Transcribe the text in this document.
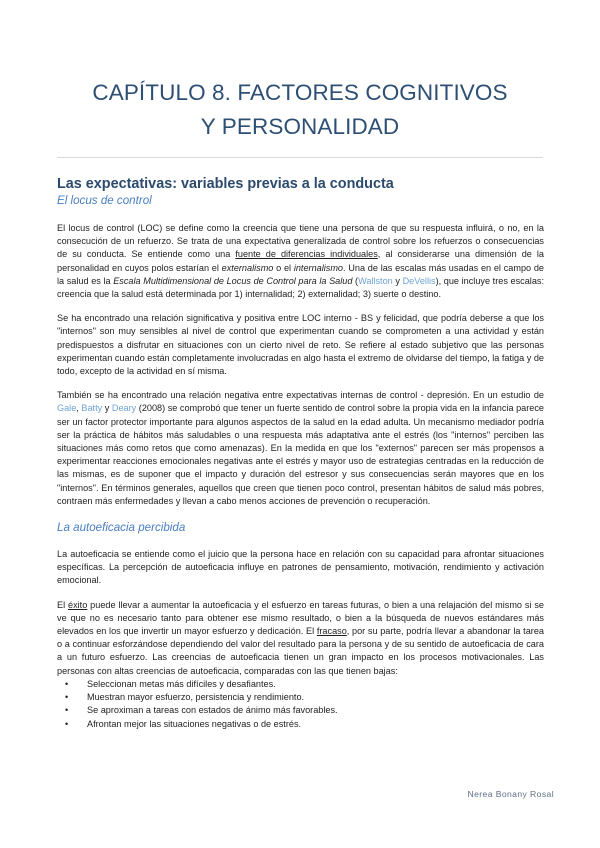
CAPÍTULO 8. FACTORES COGNITIVOS
Y PERSONALIDAD
Las expectativas: variables previas a la conducta
El locus de control

El locus de control (LOC) se define como la creencia que tiene una persona de que su respuesta influirá, o no, en la consecución de un refuerzo. Se trata de una expectativa generalizada de control sobre los refuerzos o consecuencias de su conducta. Se entiende como una fuente de diferencias individuales, al considerarse una dimensión de la personalidad en cuyos polos estarían el externalismo o el internalismo. Una de las escalas más usadas en el campo de la salud es la Escala Multidimensional de Locus de Control para la Salud (Wallston y DeVellis), que incluye tres escalas: creencia que la salud está determinada por 1) internalidad; 2) externalidad; 3) suerte o destino.

Se ha encontrado una relación significativa y positiva entre LOC interno - BS y felicidad, que podría deberse a que los "internos" son muy sensibles al nivel de control que experimentan cuando se comprometen a una actividad y están predispuestos a disfrutar en situaciones con un cierto nivel de reto. Se refiere al estado subjetivo que las personas experimentan cuando están completamente involucradas en algo hasta el extremo de olvidarse del tiempo, la fatiga y de todo, excepto de la actividad en sí misma.

También se ha encontrado una relación negativa entre expectativas internas de control - depresión. En un estudio de Gale, Batty y Deary (2008) se comprobó que tener un fuerte sentido de control sobre la propia vida en la infancia parece ser un factor protector importante para algunos aspectos de la salud en la edad adulta. Un mecanismo mediador podría ser la práctica de hábitos más saludables o una respuesta más adaptativa ante el estrés (los "internos" perciben las situaciones más como retos que como amenazas). En la medida en que los "externos" parecen ser más propensos a experimentar reacciones emocionales negativas ante el estrés y mayor uso de estrategias centradas en la reducción de las mismas, es de suponer que el impacto y duración del estresor y sus consecuencias serán mayores que en los "internos". En términos generales, aquellos que creen que tienen poco control, presentan hábitos de salud más pobres, contraen más enfermedades y llevan a cabo menos acciones de prevención o recuperación.

La autoeficacia percibida

La autoeficacia se entiende como el juicio que la persona hace en relación con su capacidad para afrontar situaciones específicas. La percepción de autoeficacia influye en patrones de pensamiento, motivación, rendimiento y activación emocional.

El éxito puede llevar a aumentar la autoeficacia y el esfuerzo en tareas futuras, o bien a una relajación del mismo si se ve que no es necesario tanto para obtener ese mismo resultado, o bien a la búsqueda de nuevos estándares más elevados en los que invertir un mayor esfuerzo y dedicación. El fracaso, por su parte, podría llevar a abandonar la tarea o a continuar esforzándose dependiendo del valor del resultado para la persona y de su sentido de autoeficacia de cara a un futuro esfuerzo. Las creencias de autoeficacia tienen un gran impacto en los procesos motivacionales. Las personas con altas creencias de autoeficacia, comparadas con las que tienen bajas:

• Seleccionan metas más difíciles y desafiantes.
• Muestran mayor esfuerzo, persistencia y rendimiento.
• Se aproximan a tareas con estados de ánimo más favorables.
• Afrontan mejor las situaciones negativas o de estrés.
Nerea Bonany Rosal
